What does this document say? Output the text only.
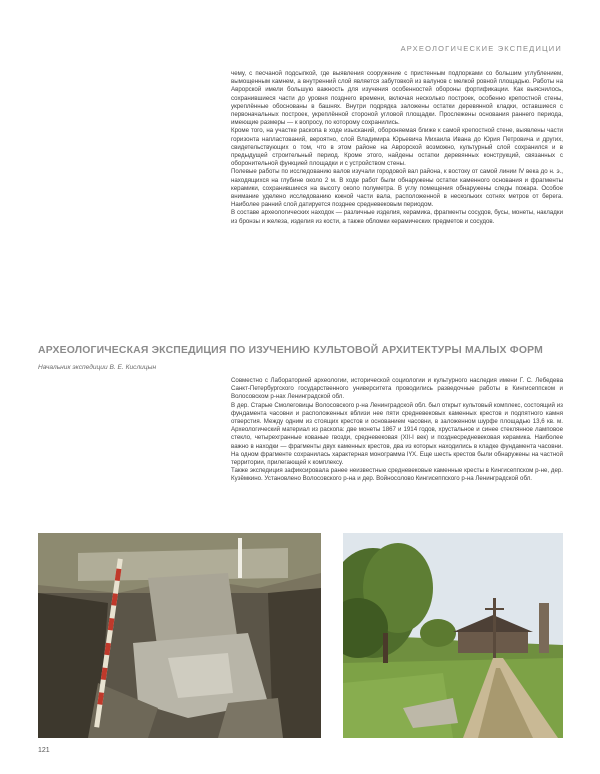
АРХЕОЛОГИЧЕСКИЕ ЭКСПЕДИЦИИ

чему, с песчаной подсыпкой, где выявления сооружение с пристенным подпорками со большим углублением, вымощенным камнем, а внутренний слой является забутовкой из валунов с мелкой ровной площадью. Работы на Аврорской имели большую важность для изучения особенностей обороны фортификации. Как выяснилось, сохранившиеся части до уровня позднего времени, включая несколько построек, особенно крепостной стены, укреплённые обоснованы в башнях. Внутри подрядка заложены остатки деревянной кладки, оставшиеся с первоначальных построек, укреплённой стороной угловой площадки. Прослежены основания раннего периода, имеющие размеры — к вопросу, по которому сохранились.

Кроме того, на участке раскопа в ходе изысканий, обороняемая ближе к самой крепостной стене, выявлены части горизонта напластований, вероятно, слой Владимира Юрьевича Михаила Ивана до Юрия Петровича и других, свидетельствующих о том, что в этом районе на Аврорской возможно, культурный слой сохранился и в предыдущей строительный период. Кроме этого, найдены остатки деревянных конструкций, связанных с оборонительной функцией площадки и с устройством стены.

Полевые работы по исследованию валов изучали городовой вал района, к востоку от самой линии IV века до н. э., находящихся на глубине около 2 м. В ходе работ были обнаружены остатки каменного основания и фрагменты керамики, сохранившиеся на высоту около полуметра. В углу помещения обнаружены следы пожара. Особое внимание уделено исследованию южной части вала, расположенной в нескольких сотнях метров от берега. Наиболее ранний слой датируется позднее средневековым периодом.

В составе археологических находок — различные изделия, керамика, фрагменты сосудов, бусы, монеты, накладки из бронзы и железа, изделия из кости, а также обломки керамических предметов и сосудов.

АРХЕОЛОГИЧЕСКАЯ ЭКСПЕДИЦИЯ ПО ИЗУЧЕНИЮ КУЛЬТОВОЙ АРХИТЕКТУРЫ МАЛЫХ ФОРМ
Начальник экспедиции В. Е. Кислицын

Совместно с Лабораторией археологии, исторической социологии и культурного наследия имени Г. С. Лебедева Санкт-Петербургского государственного университета проводились разведочные работы в Кингисеппском и Волосовском р-нах Ленинградской обл.

В дер. Старые Смолеговицы Волосовского р-на Ленинградской обл. был открыт культовый комплекс, состоящий из фундамента часовни и расположенных вблизи нее пяти средневековых каменных крестов и подпятного камня отверстия. Между одним из стоящих крестов и основанием часовни, в заложенном шурфе площадью 13,6 кв. м. Археологический материал из раскопа: две монеты 1867 и 1914 годов, хрустальное и синее стеклянное ламповое стекло, четырехгранные кованые гвозди, средневековая (XII-I век) и позднесредневековая керамика. Наиболее важно в находки — фрагменты двух каменных крестов, два из которых находились в кладке фундамента часовни. На одном фрагменте сохранилась характерная монограмма IҮХ. Еще шесть крестов были обнаружены на частной территории, прилегающей к комплексу.

Также экспедиция зафиксировала ранее неизвестные средневековые каменные кресты в Кингисеппском р-не, дер. Кузёмкино. Установлено Волосовского р-на и дер. Войносолово Кингисеппского р-на Ленинградской обл.

121
